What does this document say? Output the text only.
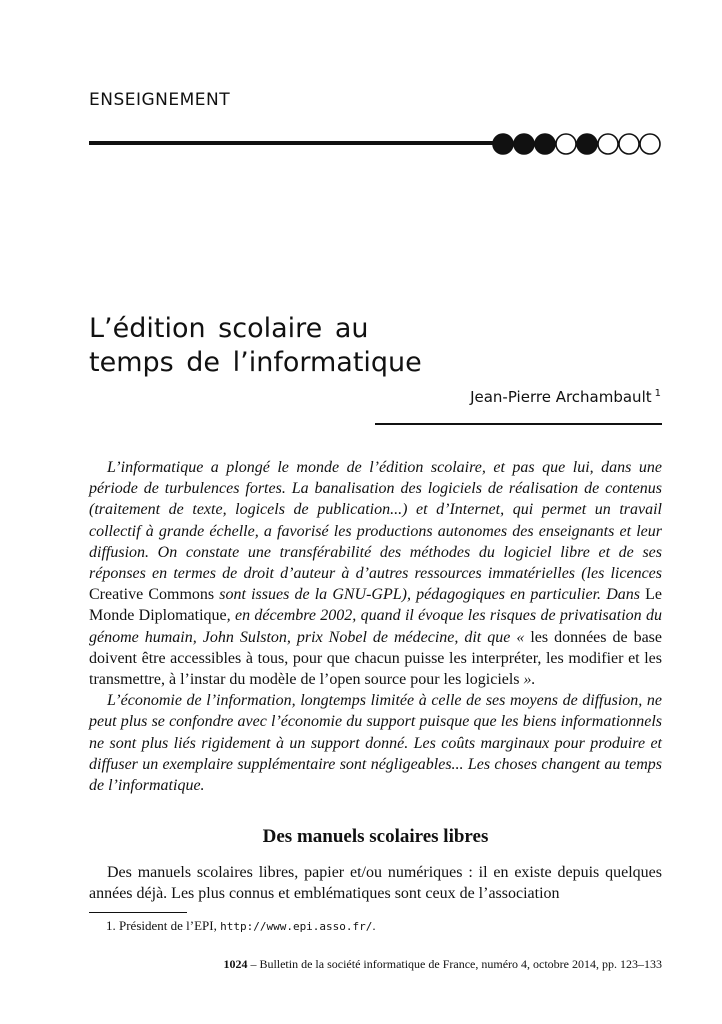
ENSEIGNEMENT
L’édition scolaire au
temps de l’informatique
Jean-Pierre Archambault $^1$

L’informatique a plongé le monde de l’édition scolaire, et pas que lui, dans une période de turbulences fortes. La banalisation des logiciels de réalisation de contenus (traitement de texte, logicels de publication...) et d’Internet, qui permet un travail collectif à grande échelle, a favorisé les productions autonomes des enseignants et leur diffusion. On constate une transférabilité des méthodes du logiciel libre et de ses réponses en termes de droit d’auteur à d’autres ressources immatérielles (les licences Creative Commons sont issues de la GNU-GPL), pédagogiques en particulier. Dans Le Monde Diplomatique, en décembre 2002, quand il évoque les risques de privatisation du génome humain, John Sulston, prix Nobel de médecine, dit que « les données de base doivent être accessibles à tous, pour que chacun puisse les interpréter, les modifier et les transmettre, à l’instar du modèle de l’open source pour les logiciels ».

L’économie de l’information, longtemps limitée à celle de ses moyens de diffusion, ne peut plus se confondre avec l’économie du support puisque que les biens informationnels ne sont plus liés rigidement à un support donné. Les coûts marginaux pour produire et diffuser un exemplaire supplémentaire sont négligeables... Les choses changent au temps de l’informatique.

Des manuels scolaires libres

Des manuels scolaires libres, papier et/ou numériques : il en existe depuis quelques années déjà. Les plus connus et emblématiques sont ceux de l’association

1. Président de l’EPI, http://www.epi.asso.fr/.
1024 – Bulletin de la société informatique de France, numéro 4, octobre 2014, pp. 123–133
